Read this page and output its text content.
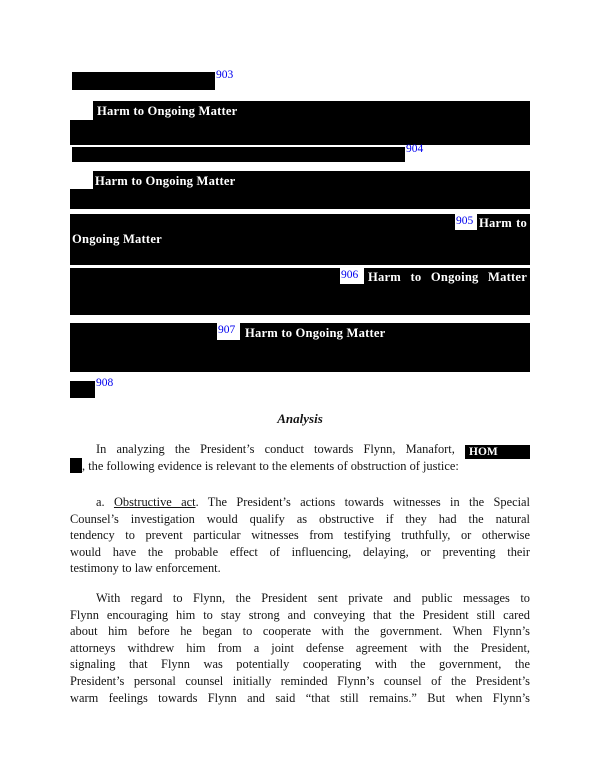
903
Harm to Ongoing Matter
904
Harm to Ongoing Matter
905 Harm to
Ongoing Matter
906 Harm to Ongoing Matter
907 Harm to Ongoing Matter
908
Analysis
In analyzing the President’s conduct towards Flynn, Manafort, HOM
, the following evidence is relevant to the elements of obstruction of justice:
a. Obstructive act. The President’s actions towards witnesses in the Special
Counsel’s investigation would qualify as obstructive if they had the natural
tendency to prevent particular witnesses from testifying truthfully, or otherwise
would have the probable effect of influencing, delaying, or preventing their
testimony to law enforcement.
With regard to Flynn, the President sent private and public messages to
Flynn encouraging him to stay strong and conveying that the President still cared
about him before he began to cooperate with the government. When Flynn’s
attorneys withdrew him from a joint defense agreement with the President,
signaling that Flynn was potentially cooperating with the government, the
President’s personal counsel initially reminded Flynn’s counsel of the President’s
warm feelings towards Flynn and said “that still remains.” But when Flynn’s
